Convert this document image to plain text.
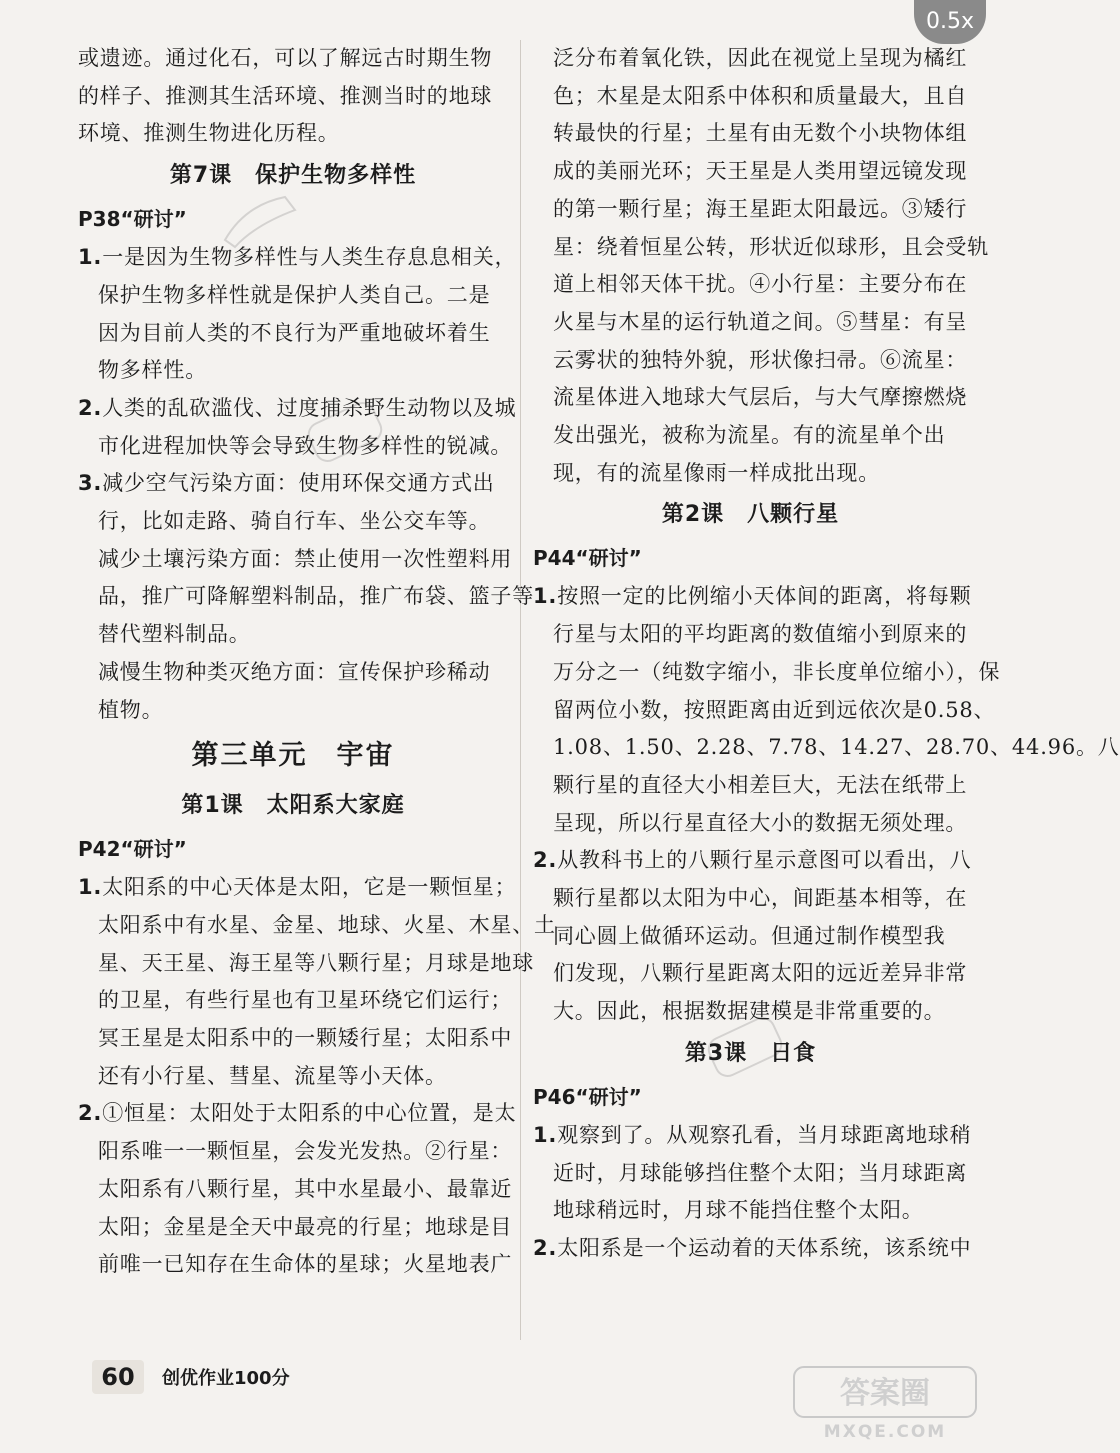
0.5x
或遗迹。通过化石，可以了解远古时期生物
的样子、推测其生活环境、推测当时的地球
环境、推测生物进化历程。
第7课　保护生物多样性
P38“研讨”
1.一是因为生物多样性与人类生存息息相关，
保护生物多样性就是保护人类自己。二是
因为目前人类的不良行为严重地破坏着生
物多样性。
2.人类的乱砍滥伐、过度捕杀野生动物以及城
市化进程加快等会导致生物多样性的锐减。
3.减少空气污染方面：使用环保交通方式出
行，比如走路、骑自行车、坐公交车等。
减少土壤污染方面：禁止使用一次性塑料用
品，推广可降解塑料制品，推广布袋、篮子等
替代塑料制品。
减慢生物种类灭绝方面：宣传保护珍稀动
植物。
第三单元　宇宙
第1课　太阳系大家庭
P42“研讨”
1.太阳系的中心天体是太阳，它是一颗恒星；
太阳系中有水星、金星、地球、火星、木星、土
星、天王星、海王星等八颗行星；月球是地球
的卫星，有些行星也有卫星环绕它们运行；
冥王星是太阳系中的一颗矮行星；太阳系中
还有小行星、彗星、流星等小天体。
2.①恒星：太阳处于太阳系的中心位置，是太
阳系唯一一颗恒星，会发光发热。②行星：
太阳系有八颗行星，其中水星最小、最靠近
太阳；金星是全天中最亮的行星；地球是目
前唯一已知存在生命体的星球；火星地表广
泛分布着氧化铁，因此在视觉上呈现为橘红
色；木星是太阳系中体积和质量最大，且自
转最快的行星；土星有由无数个小块物体组
成的美丽光环；天王星是人类用望远镜发现
的第一颗行星；海王星距太阳最远。③矮行
星：绕着恒星公转，形状近似球形，且会受轨
道上相邻天体干扰。④小行星：主要分布在
火星与木星的运行轨道之间。⑤彗星：有呈
云雾状的独特外貌，形状像扫帚。⑥流星：
流星体进入地球大气层后，与大气摩擦燃烧
发出强光，被称为流星。有的流星单个出
现，有的流星像雨一样成批出现。
第2课　八颗行星
P44“研讨”
1.按照一定的比例缩小天体间的距离，将每颗
行星与太阳的平均距离的数值缩小到原来的
万分之一（纯数字缩小，非长度单位缩小），保
留两位小数，按照距离由近到远依次是0.58、
1.08、1.50、2.28、7.78、14.27、28.70、44.96。八
颗行星的直径大小相差巨大，无法在纸带上
呈现，所以行星直径大小的数据无须处理。
2.从教科书上的八颗行星示意图可以看出，八
颗行星都以太阳为中心，间距基本相等，在
同心圆上做循环运动。但通过制作模型我
们发现，八颗行星距离太阳的远近差异非常
大。因此，根据数据建模是非常重要的。
第3课　日食
P46“研讨”
1.观察到了。从观察孔看，当月球距离地球稍
近时，月球能够挡住整个太阳；当月球距离
地球稍远时，月球不能挡住整个太阳。
2.太阳系是一个运动着的天体系统，该系统中
60	创优作业100分	答案圈
MXQE.COM
